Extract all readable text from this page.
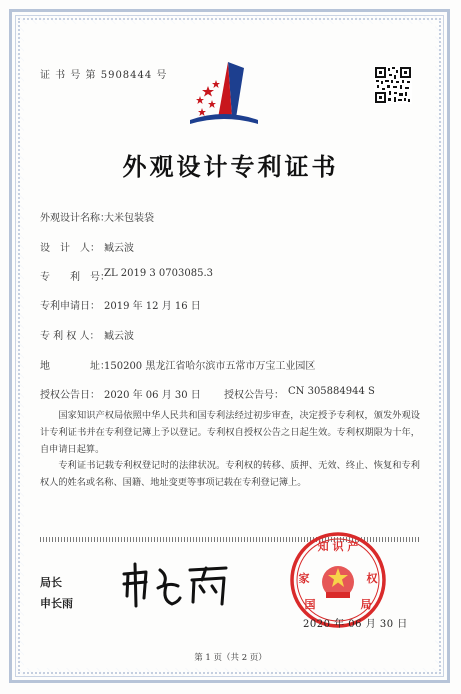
证 书 号 第 5908444 号
外观设计专利证书
外观设计名称：
大米包装袋
设　计　人： 臧云波
专　　利　号：
ZL 2019 3 0703085.3
专利申请日： 2019 年 12 月 16 日
专 利 权 人： 臧云波
地　　　　址：
150200 黑龙江省哈尔滨市五常市万宝工业园区
授权公告日： 2020 年 06 月 30 日 授权公告号： CN 305884944 S
国家知识产权局依照中华人民共和国专利法经过初步审查，决定授予专利权，颁发外观设计专利证书并在专利登记簿上予以登记。专利权自授权公告之日起生效。专利权期限为十年，自申请日起算。
专利证书记载专利权登记时的法律状况。专利权的转移、质押、无效、终止、恢复和专利权人的姓名或名称、国籍、地址变更等事项记载在专利登记簿上。
局长
申长雨
知 识 产
家
国
权
局
2020 年 06 月 30 日
第 1 页（共 2 页）
